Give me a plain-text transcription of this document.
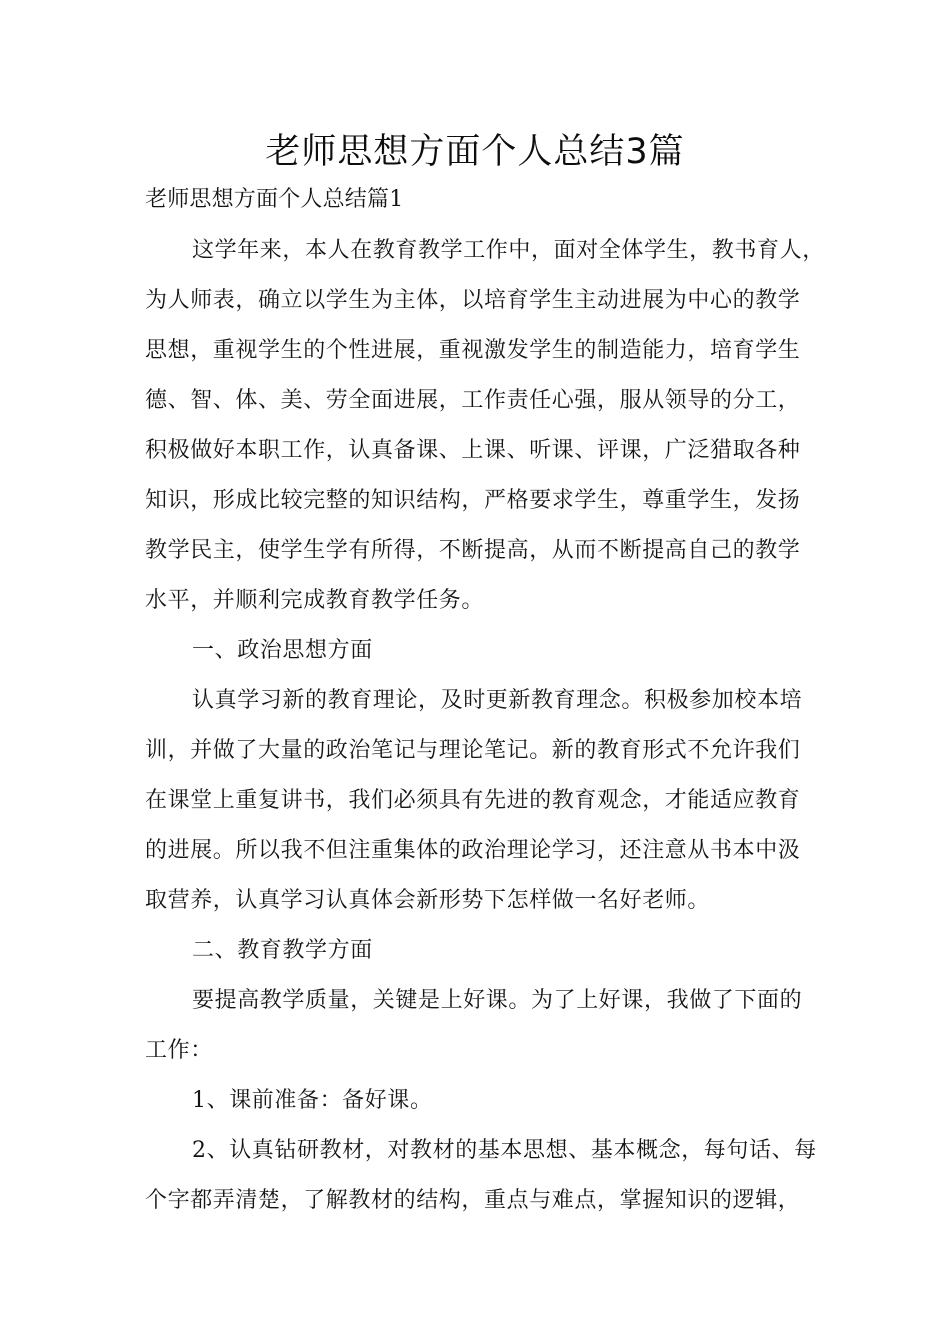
老师思想方面个人总结3篇
老师思想方面个人总结篇1
这学年来，本人在教育教学工作中，面对全体学生，教书育人，
为人师表，确立以学生为主体，以培育学生主动进展为中心的教学
思想，重视学生的个性进展，重视激发学生的制造能力，培育学生
德、智、体、美、劳全面进展，工作责任心强，服从领导的分工，
积极做好本职工作，认真备课、上课、听课、评课，广泛猎取各种
知识，形成比较完整的知识结构，严格要求学生，尊重学生，发扬
教学民主，使学生学有所得，不断提高，从而不断提高自己的教学
水平，并顺利完成教育教学任务。
一、政治思想方面
认真学习新的教育理论，及时更新教育理念。积极参加校本培
训，并做了大量的政治笔记与理论笔记。新的教育形式不允许我们
在课堂上重复讲书，我们必须具有先进的教育观念，才能适应教育
的进展。所以我不但注重集体的政治理论学习，还注意从书本中汲
取营养，认真学习认真体会新形势下怎样做一名好老师。
二、教育教学方面
要提高教学质量，关键是上好课。为了上好课，我做了下面的
工作：
1、课前准备：备好课。
2、认真钻研教材，对教材的基本思想、基本概念，每句话、每
个字都弄清楚，了解教材的结构，重点与难点，掌握知识的逻辑，
